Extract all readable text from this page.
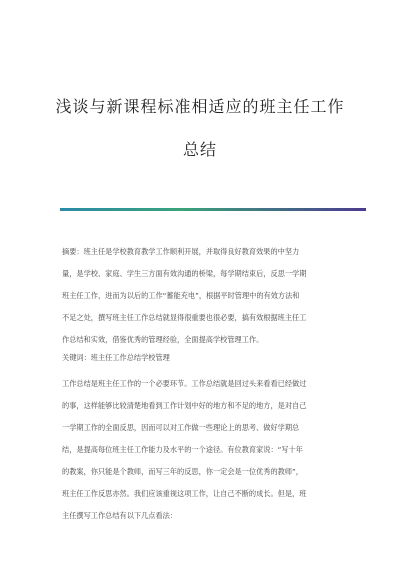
浅谈与新课程标准相适应的班主任工作
总结
摘要：班主任是学校教育教学工作顺利开展，并取得良好教育效果的中坚力
量，是学校、家庭、学生三方面有效沟通的桥梁，每学期结束后，反思一学期
班主任工作，进而为以后的工作“蓄能充电”，根据平时管理中的有效方法和
不足之处，撰写班主任工作总结就显得很重要也很必要，搞有效根据班主任工
作总结和实效，借鉴优秀的管理经验，全面提高学校管理工作。
关键词：班主任工作总结学校管理
工作总结是班主任工作的一个必要环节。工作总结就是回过头来看看已经做过
的事，这样能够比较清楚地看到工作计划中好的地方和不足的地方，是对自己
一学期工作的全面反思，因而可以对工作做一些理论上的思考、做好学期总
结，是提高每位班主任工作能力及水平的一个途径。有位教育家说：“写十年
的教案，你只能是个教师，而写三年的反思，你一定会是一位优秀的教师”，
班主任工作反思亦然。我们应该重视这项工作，让自己不断的成长。但是，班
主任撰写工作总结有以下几点看法：
